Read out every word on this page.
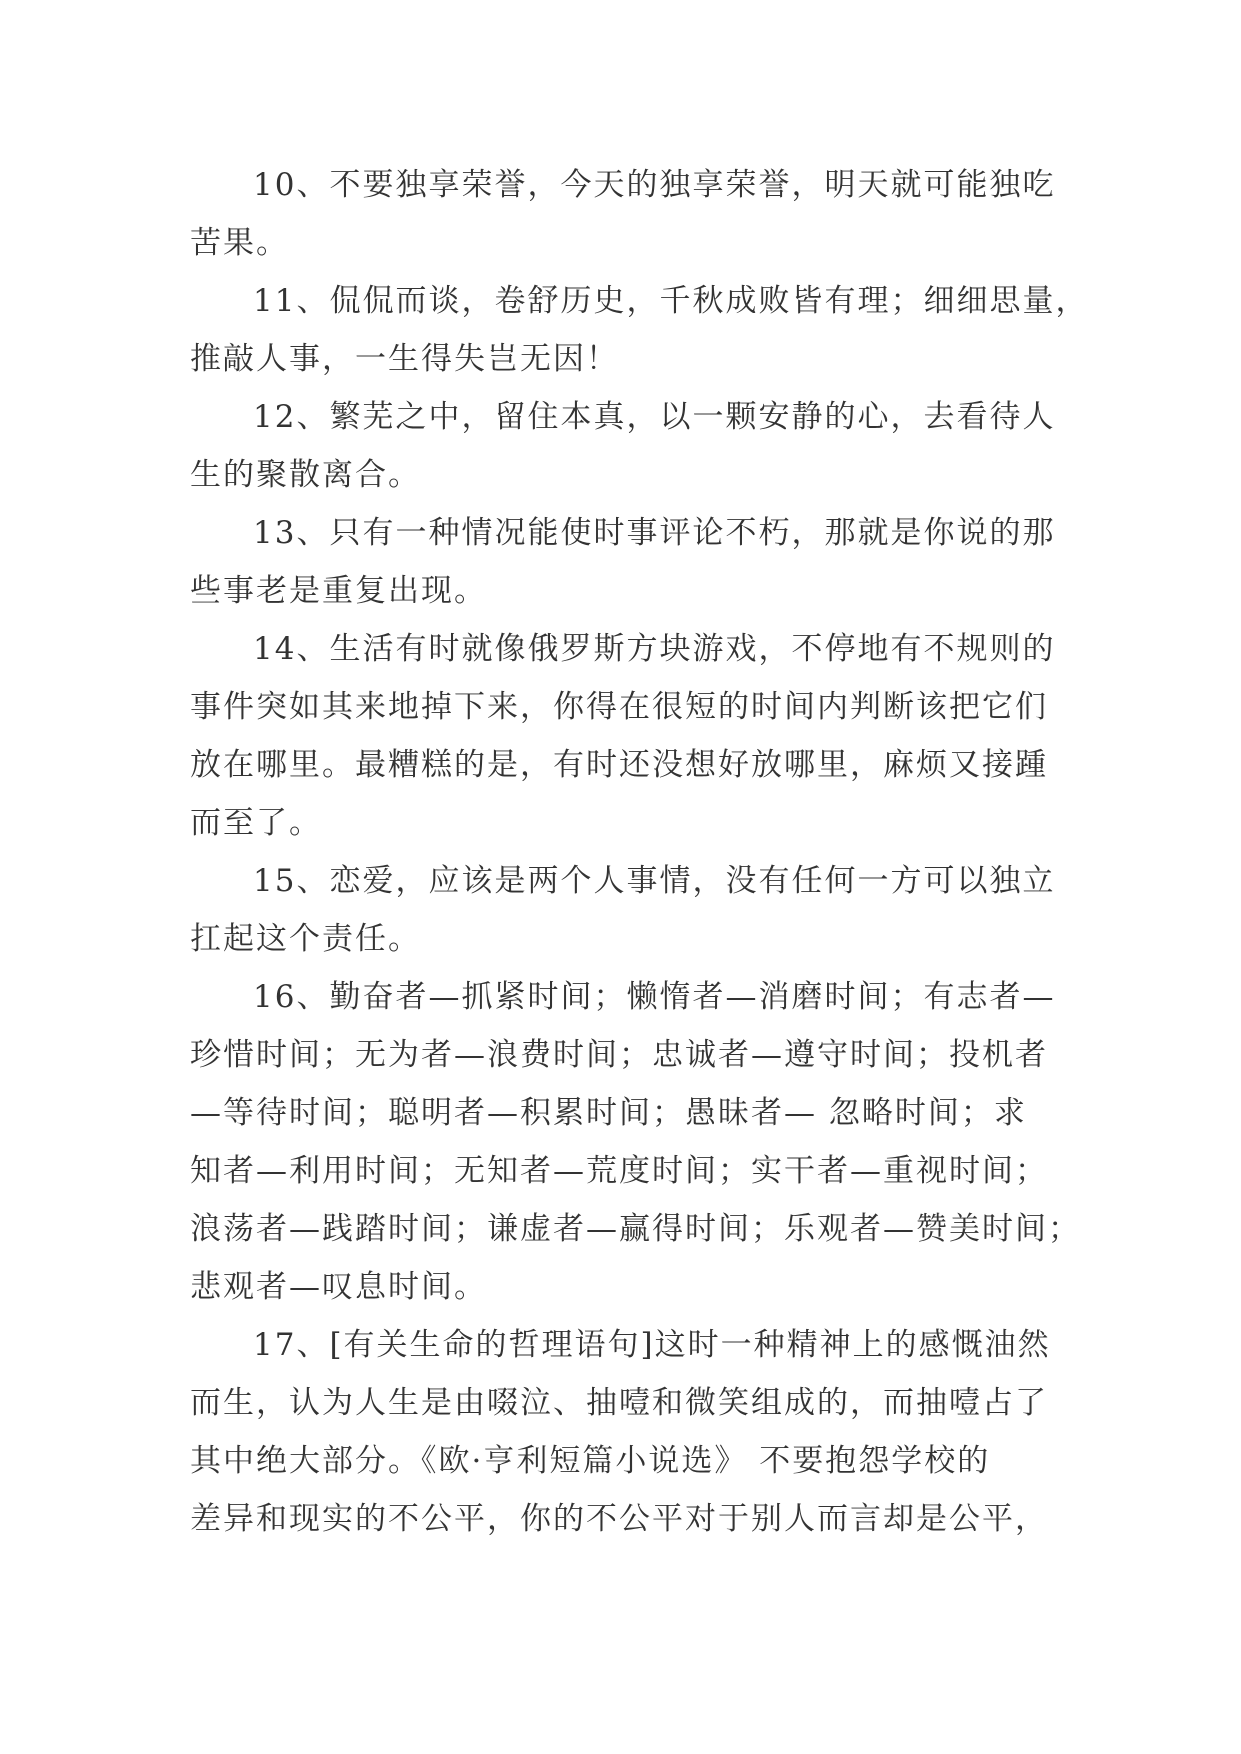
10、不要独享荣誉，今天的独享荣誉，明天就可能独吃
苦果。
11、侃侃而谈，卷舒历史，千秋成败皆有理；细细思量，
推敲人事，一生得失岂无因！
12、繁芜之中，留住本真，以一颗安静的心，去看待人
生的聚散离合。
13、只有一种情况能使时事评论不朽，那就是你说的那
些事老是重复出现。
14、生活有时就像俄罗斯方块游戏，不停地有不规则的
事件突如其来地掉下来，你得在很短的时间内判断该把它们
放在哪里。最糟糕的是，有时还没想好放哪里，麻烦又接踵
而至了。
15、恋爱，应该是两个人事情，没有任何一方可以独立
扛起这个责任。
16、勤奋者—抓紧时间；懒惰者—消磨时间；有志者—
珍惜时间；无为者—浪费时间；忠诚者—遵守时间；投机者
—等待时间；聪明者—积累时间；愚昧者— 忽略时间；求
知者—利用时间；无知者—荒度时间；实干者—重视时间；
浪荡者—践踏时间；谦虚者—赢得时间；乐观者—赞美时间；
悲观者—叹息时间。
17、[有关生命的哲理语句]这时一种精神上的感慨油然
而生，认为人生是由啜泣、抽噎和微笑组成的，而抽噎占了
其中绝大部分。《欧·亨利短篇小说选》 不要抱怨学校的
差异和现实的不公平，你的不公平对于别人而言却是公平，
